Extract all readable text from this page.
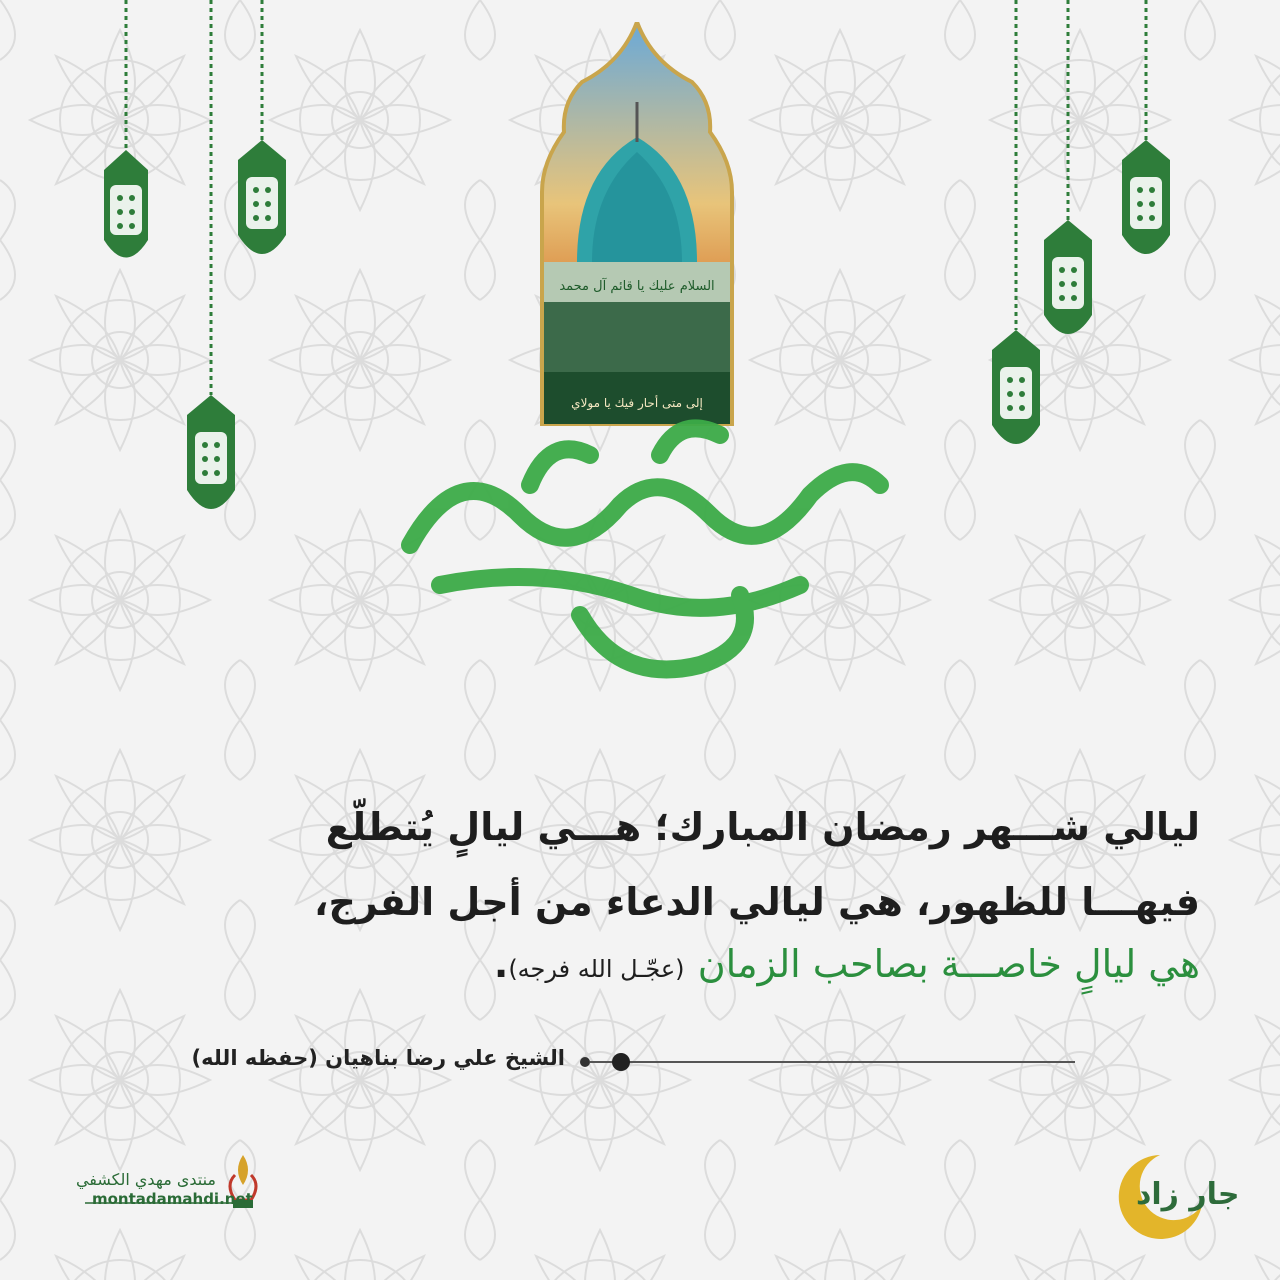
السلام عليك يا قائم آل محمد
إلى متى أحار فيك يا مولاي
شهر مبارك
ليالي شـــهر رمضان المبارك؛ هـــي ليالٍ يُتطلّع
فيهـــا للظهور، هي ليالي الدعاء من أجل الفرج،
هي ليالٍ خاصـــة بصاحب الزمان (عجّـل الله فرجه).
الشيخ علي رضا بناهيان (حفظه الله)
منتدى مهدي الكشفي
montadamahdi.net	جار زاد
